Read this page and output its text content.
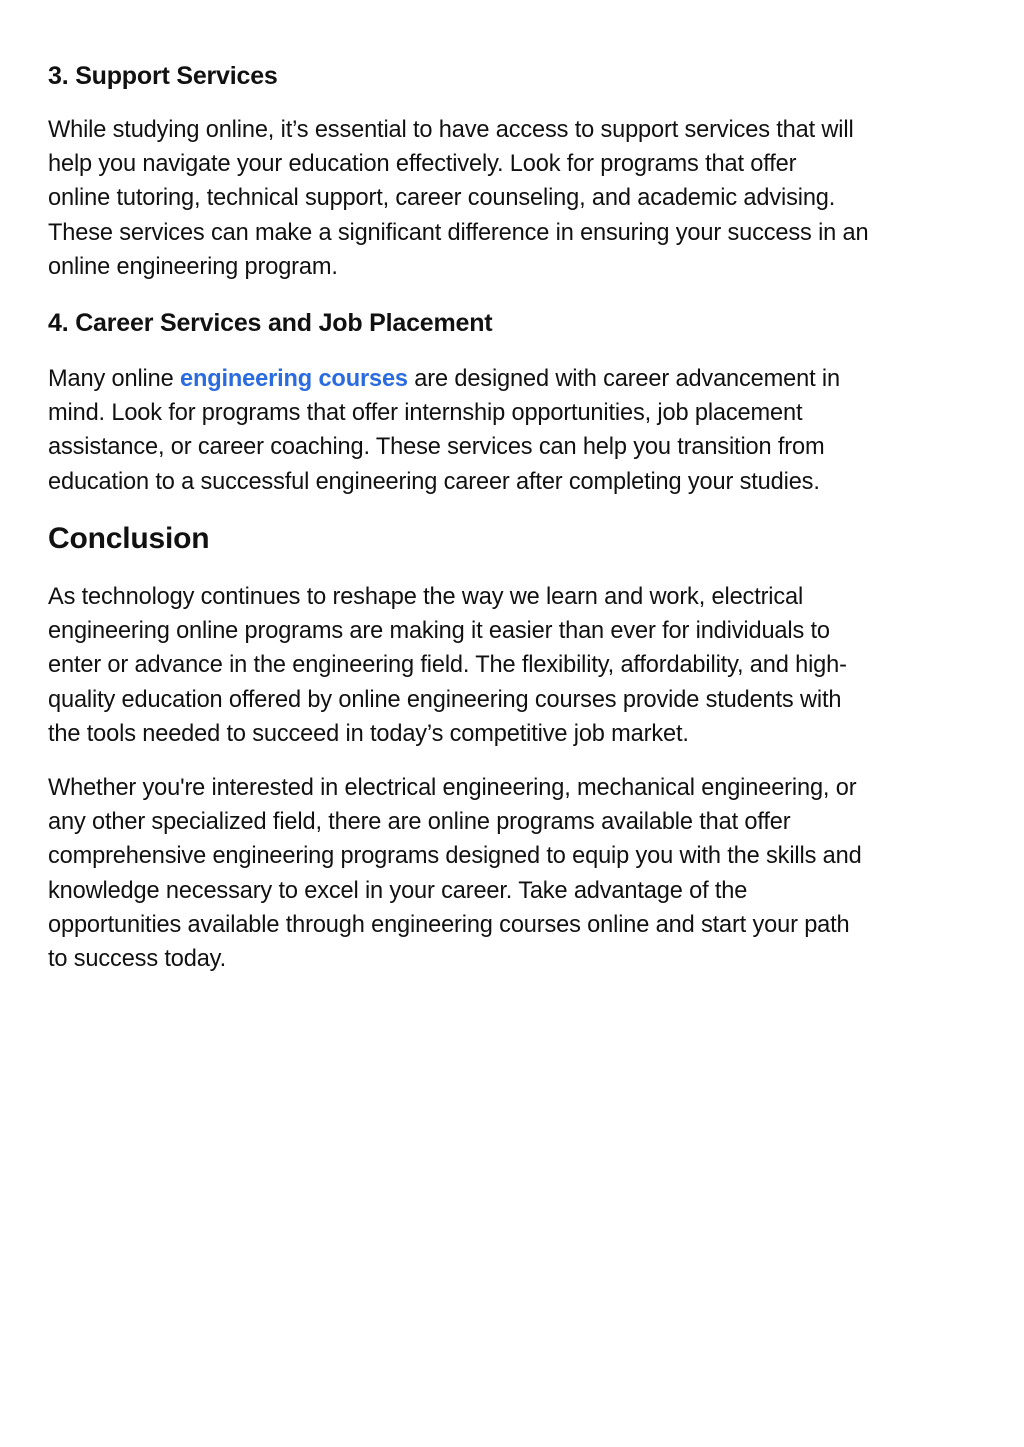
3. Support Services

While studying online, it’s essential to have access to support services that will
help you navigate your education effectively. Look for programs that offer
online tutoring, technical support, career counseling, and academic advising.
These services can make a significant difference in ensuring your success in an
online engineering program.

4. Career Services and Job Placement

Many online engineering courses are designed with career advancement in
mind. Look for programs that offer internship opportunities, job placement
assistance, or career coaching. These services can help you transition from
education to a successful engineering career after completing your studies.

Conclusion

As technology continues to reshape the way we learn and work, electrical
engineering online programs are making it easier than ever for individuals to
enter or advance in the engineering field. The flexibility, affordability, and high-
quality education offered by online engineering courses provide students with
the tools needed to succeed in today’s competitive job market.

Whether you're interested in electrical engineering, mechanical engineering, or
any other specialized field, there are online programs available that offer
comprehensive engineering programs designed to equip you with the skills and
knowledge necessary to excel in your career. Take advantage of the
opportunities available through engineering courses online and start your path
to success today.
